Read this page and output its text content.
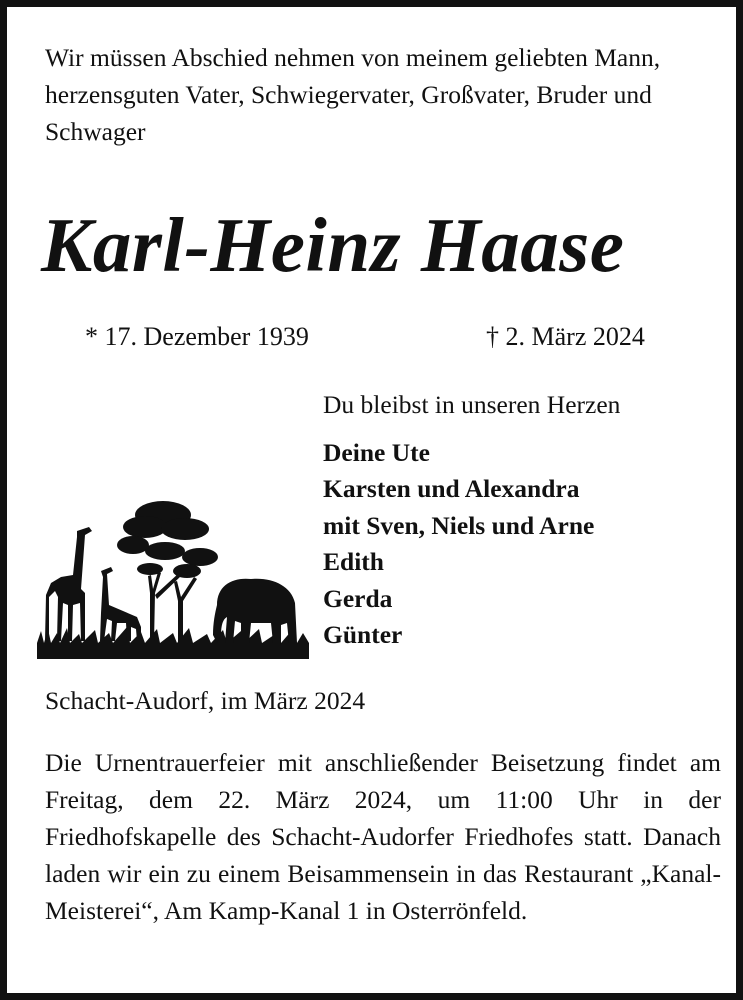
Wir müssen Abschied nehmen von meinem geliebten Mann, herzensguten Vater, Schwiegervater, Großvater, Bruder und Schwager

Karl-Heinz Haase
* 17. Dezember 1939	† 2. März 2024
Du bleibst in unseren Herzen
Deine Ute
Karsten und Alexandra
mit Sven, Niels und Arne
Edith
Gerda
Günter
Schacht-Audorf, im März 2024

Die Urnentrauerfeier mit anschließender Beisetzung findet am Freitag, dem 22. März 2024, um 11:00 Uhr in der Friedhofskapelle des Schacht-Audorfer Friedhofes statt. Danach laden wir ein zu einem Beisammensein in das Restaurant „Kanal-Meisterei“, Am Kamp-Kanal 1 in Osterrönfeld.
